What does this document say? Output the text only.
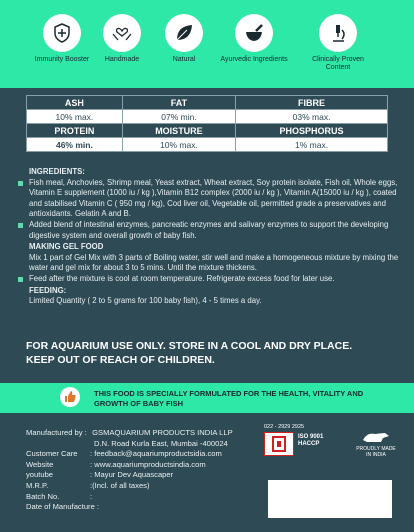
Immunity Booster	Handmade	Natural	Ayurvedic Ingredients	Clinically Proven Content
ASH	FAT	FIBRE
10% max.	07% min.	03% max.
PROTEIN	MOISTURE	PHOSPHORUS
46% min.	10% max.	1% max.
INGREDIENTS:
Fish meal, Anchovies, Shrimp meal, Yeast extract, Wheat extract, Soy protein isolate, Fish oil, Whole eggs, Vitamin E supplement (1000 iu / kg ),Vitamin B12 complex (2000 iu / kg ), Vitamin A(15000 iu / kg ), coated and stabilised Vitamin C ( 950 mg / kg), Cod liver oil, Vegetable oil, permitted grade a preservatives and antioxidants. Gelatin A and B.
Added blend of intestinal enzymes, pancreatic enzymes and salivary enzymes to support the developing digestive system and overall growth of baby fish.
MAKING GEL FOOD
Mix 1 part of Gel Mix with 3 parts of Boiling water, stir well and make a homogeneous mixture by mixing the water and gel mix for about 3 to 5 mins. Until the mixture thickens.
Feed after the mixture is cool at room temperature. Refrigerate excess food for later use.
FEEDING:
Limited Quantity ( 2 to 5 grams for 100 baby fish), 4 - 5 times a day.
FOR AQUARIUM USE ONLY. STORE IN A COOL AND DRY PLACE.
KEEP OUT OF REACH OF CHILDREN.
THIS FOOD IS SPECIALLY FORMULATED FOR THE HEALTH, VITALITY AND GROWTH OF BABY FISH
Manufactured by : GSMAQUARIUM PRODUCTS INDIA LLP
D.N. Road Kurla East, Mumbai -400024
Customer Care : feedback@aquariumproductsidia.com
Website	: www.aquariumproductsindia.com
youtube	: Mayur Dev Aquascaper
M.R.P.	:(Incl. of all taxes)
Batch No.	:
Date of Manufacture :
022 - 2929 2925
ISO 9001
HACCP
PROUDLY MADE IN INDIA
